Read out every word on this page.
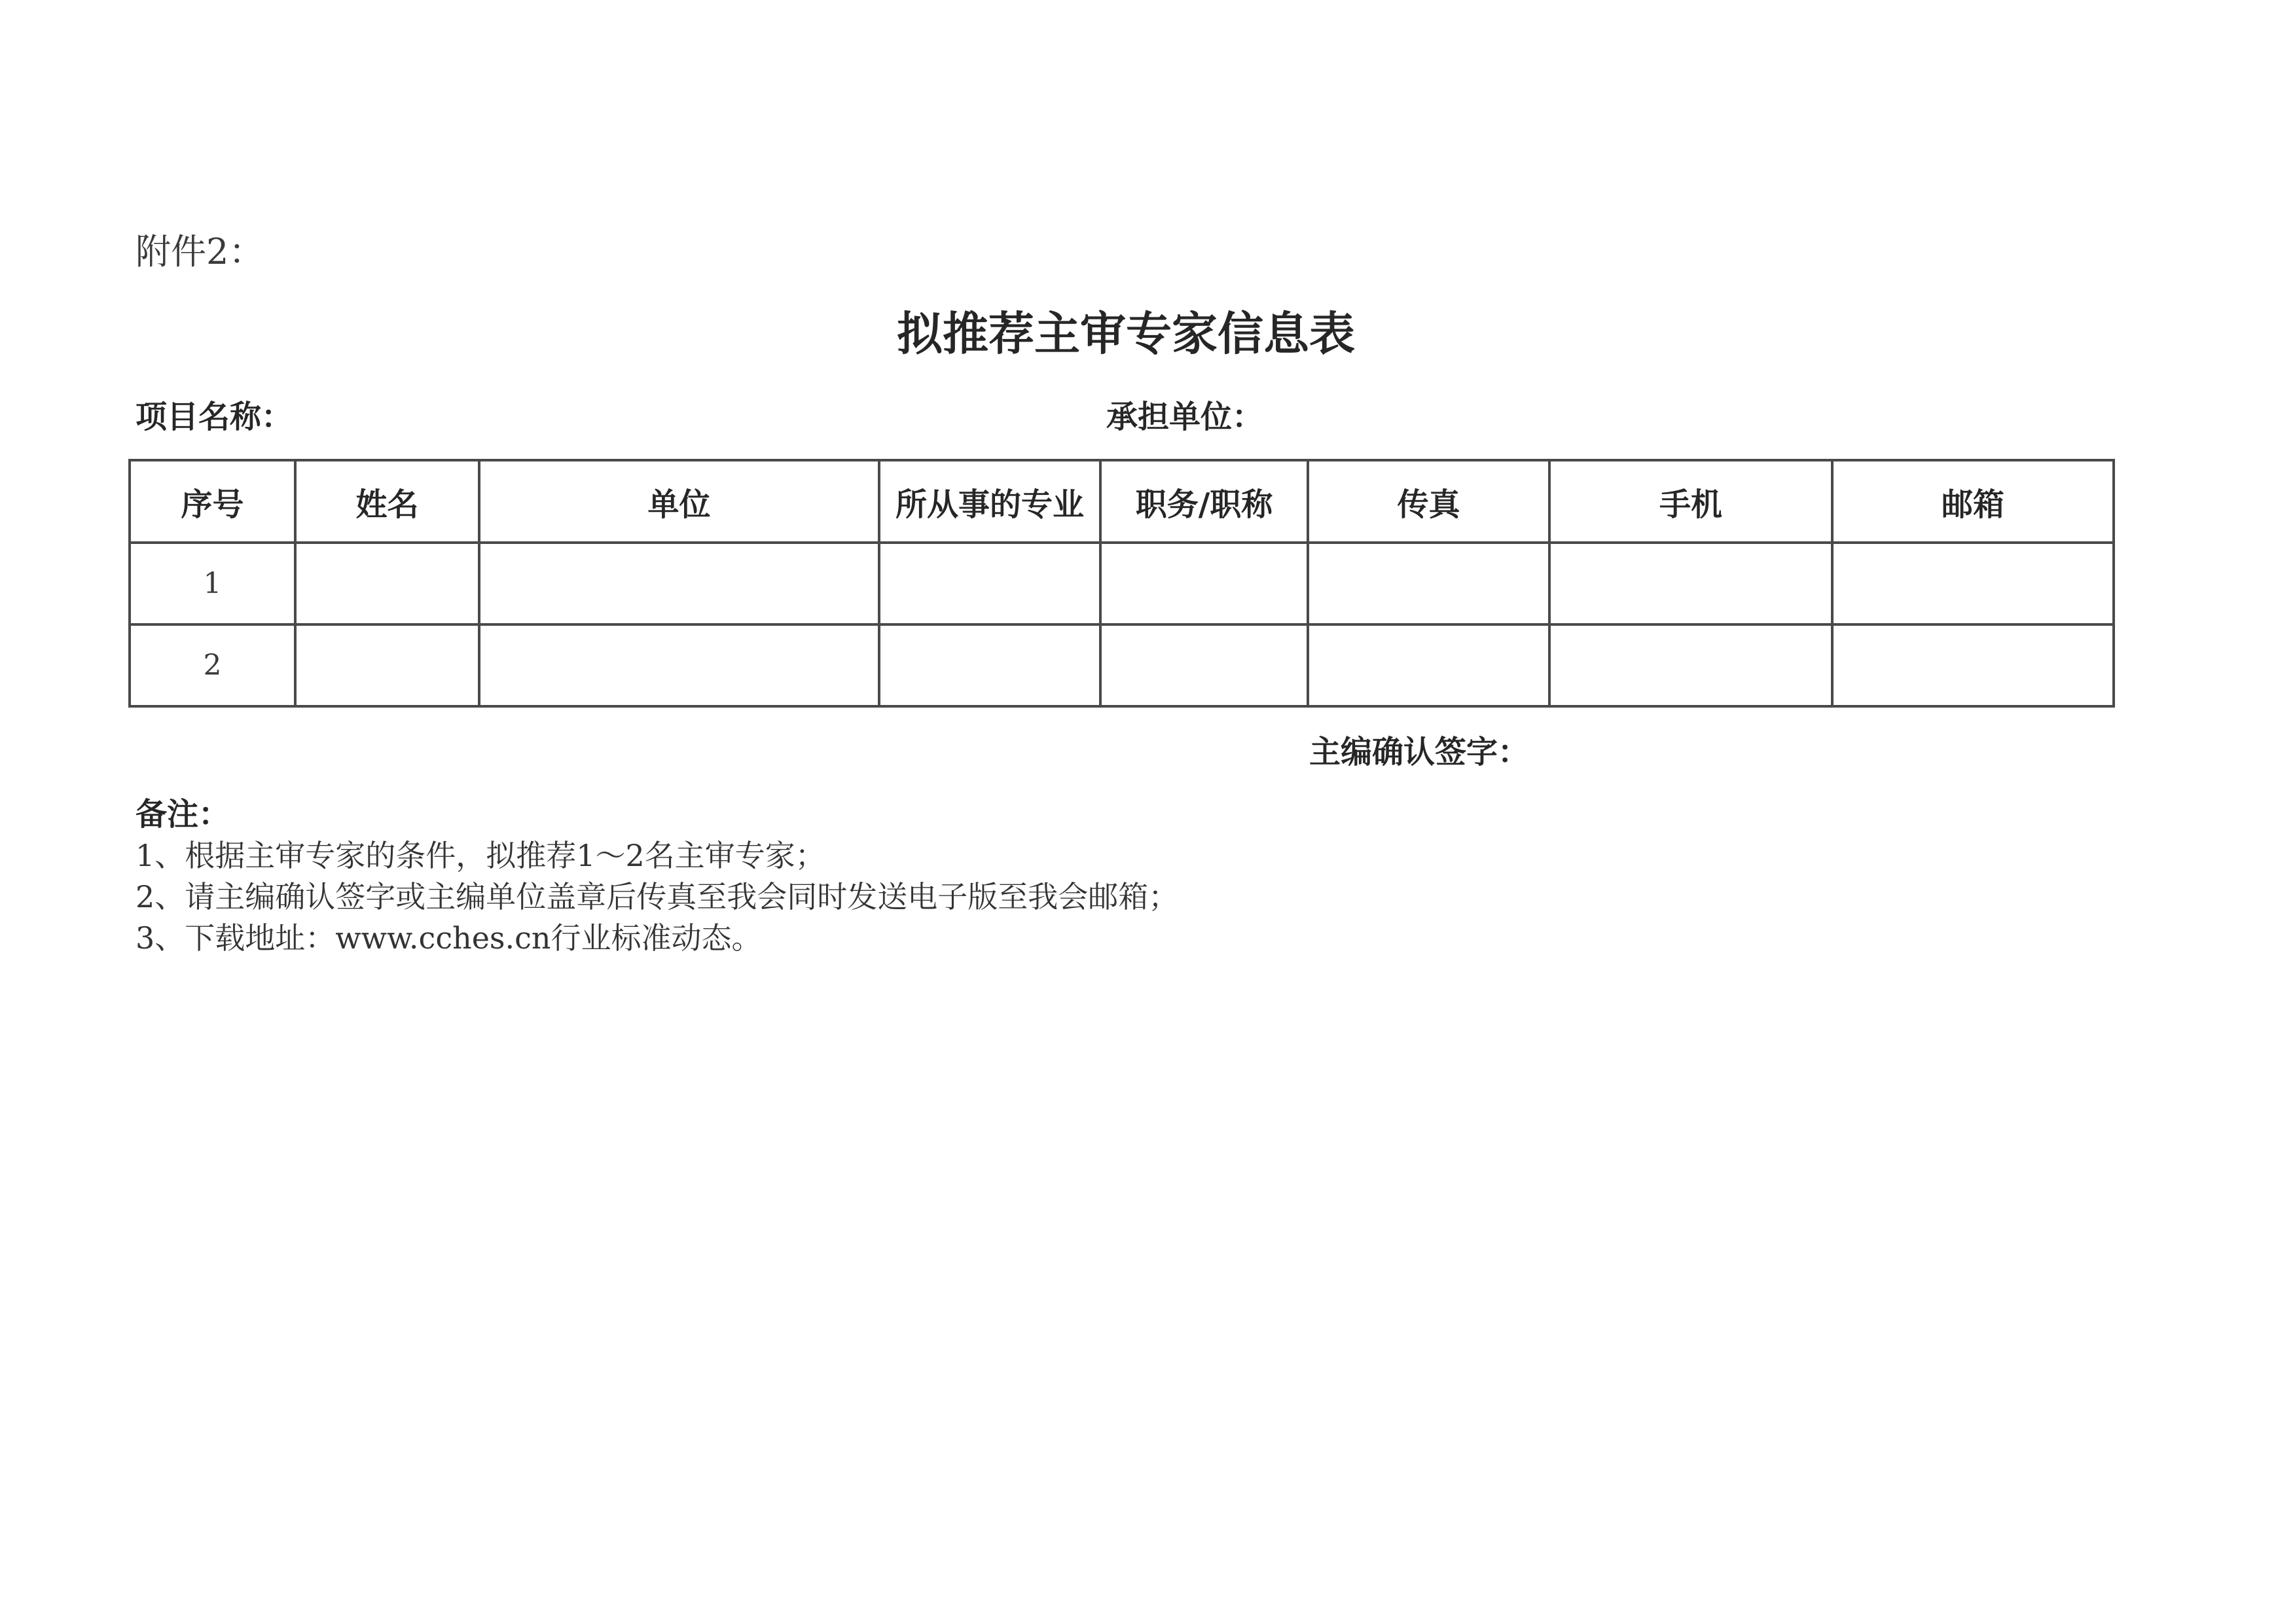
附件2：
拟推荐主审专家信息表
项目名称：	承担单位：
序号	姓名	单位	所从事的专业	职务/职称	传真	手机	邮箱
1							
2							
主编确认签字：
备注：
1、根据主审专家的条件，拟推荐1～2名主审专家；
2、请主编确认签字或主编单位盖章后传真至我会同时发送电子版至我会邮箱；
3、下载地址：www.cches.cn行业标准动态。
